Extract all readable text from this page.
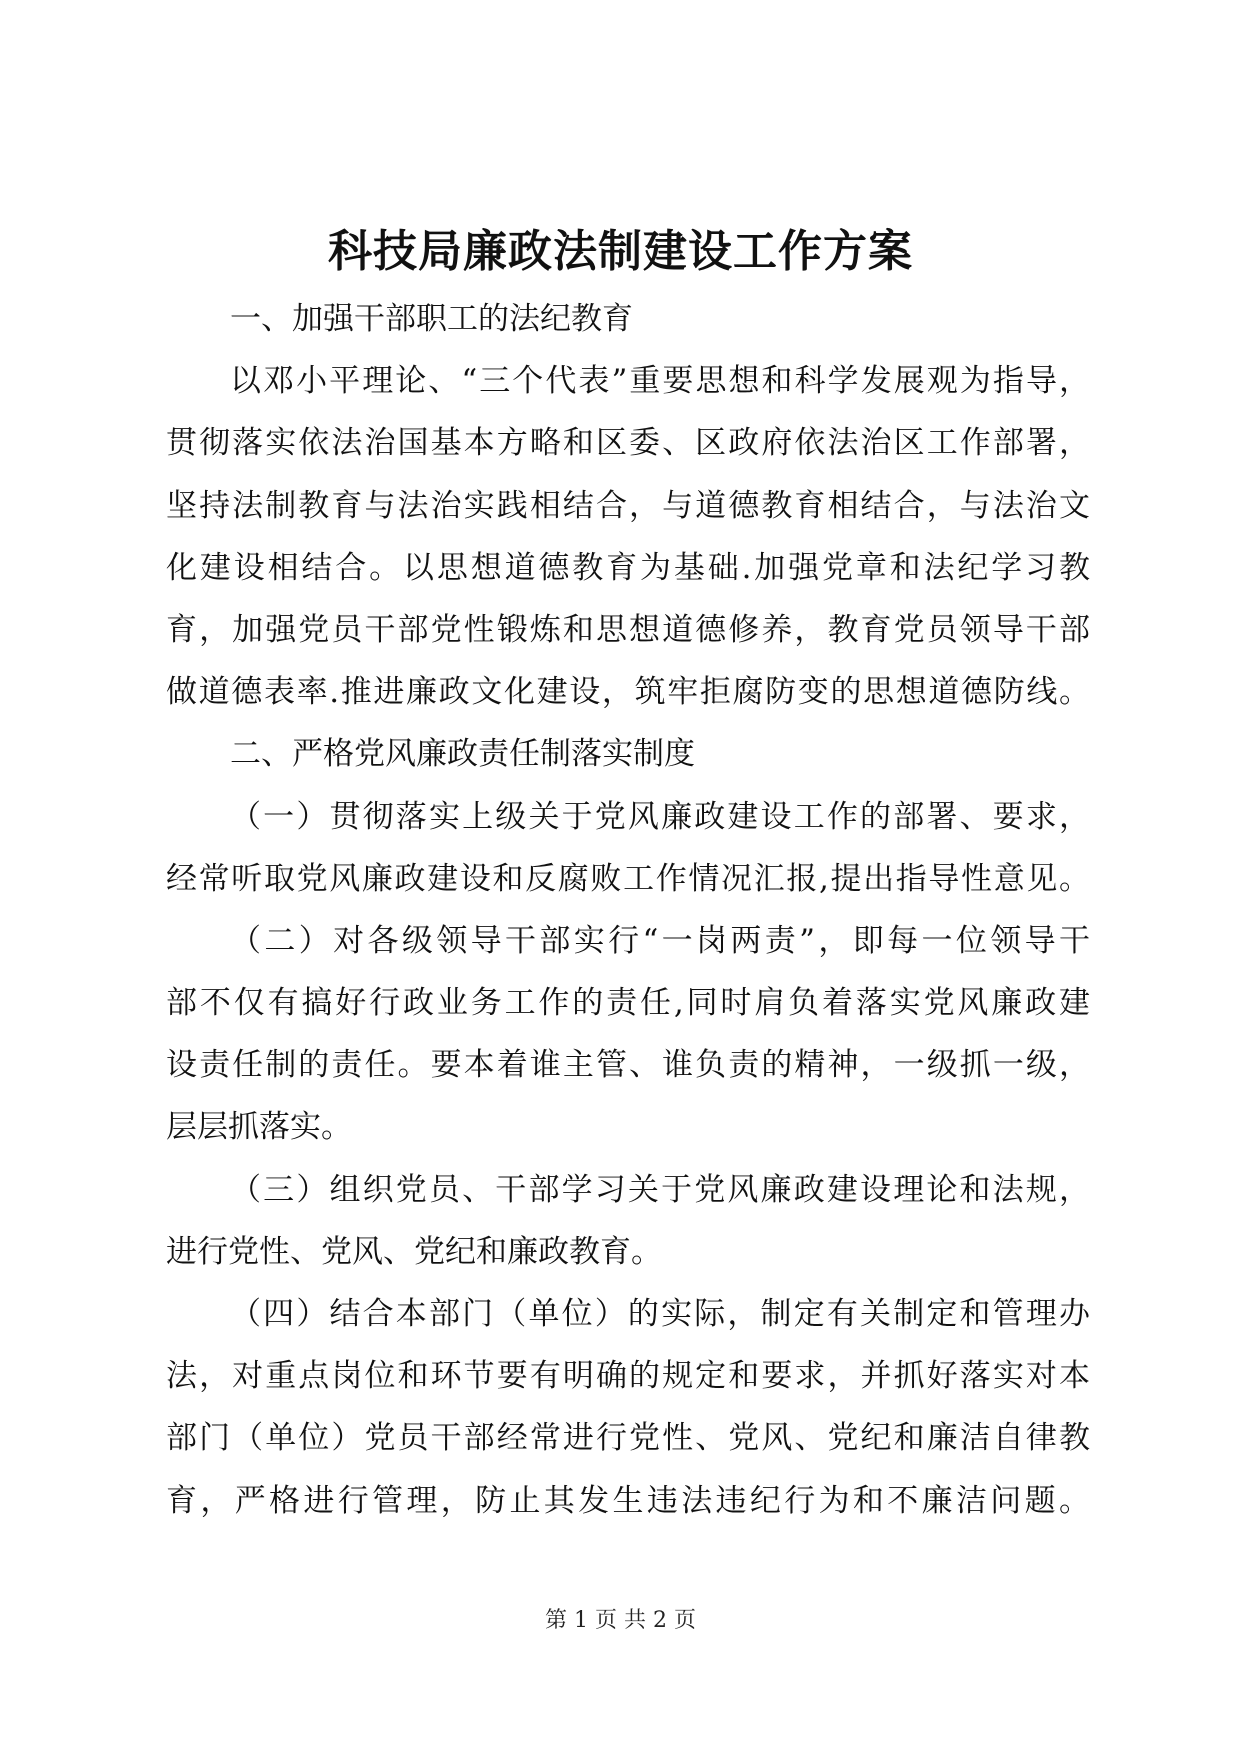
科技局廉政法制建设工作方案
一、加强干部职工的法纪教育
以邓小平理论、“三个代表”重要思想和科学发展观为指导，
贯彻落实依法治国基本方略和区委、区政府依法治区工作部署，
坚持法制教育与法治实践相结合，与道德教育相结合，与法治文
化建设相结合。以思想道德教育为基础.加强党章和法纪学习教
育，加强党员干部党性锻炼和思想道德修养，教育党员领导干部
做道德表率.推进廉政文化建设，筑牢拒腐防变的思想道德防线。
二、严格党风廉政责任制落实制度
（一）贯彻落实上级关于党风廉政建设工作的部署、要求，
经常听取党风廉政建设和反腐败工作情况汇报,提出指导性意见。
（二）对各级领导干部实行“一岗两责”，即每一位领导干
部不仅有搞好行政业务工作的责任,同时肩负着落实党风廉政建
设责任制的责任。要本着谁主管、谁负责的精神，一级抓一级，
层层抓落实。
（三）组织党员、干部学习关于党风廉政建设理论和法规，
进行党性、党风、党纪和廉政教育。
（四）结合本部门（单位）的实际，制定有关制定和管理办
法，对重点岗位和环节要有明确的规定和要求，并抓好落实对本
部门（单位）党员干部经常进行党性、党风、党纪和廉洁自律教
育，严格进行管理，防止其发生违法违纪行为和不廉洁问题。
第 1 页 共 2 页
